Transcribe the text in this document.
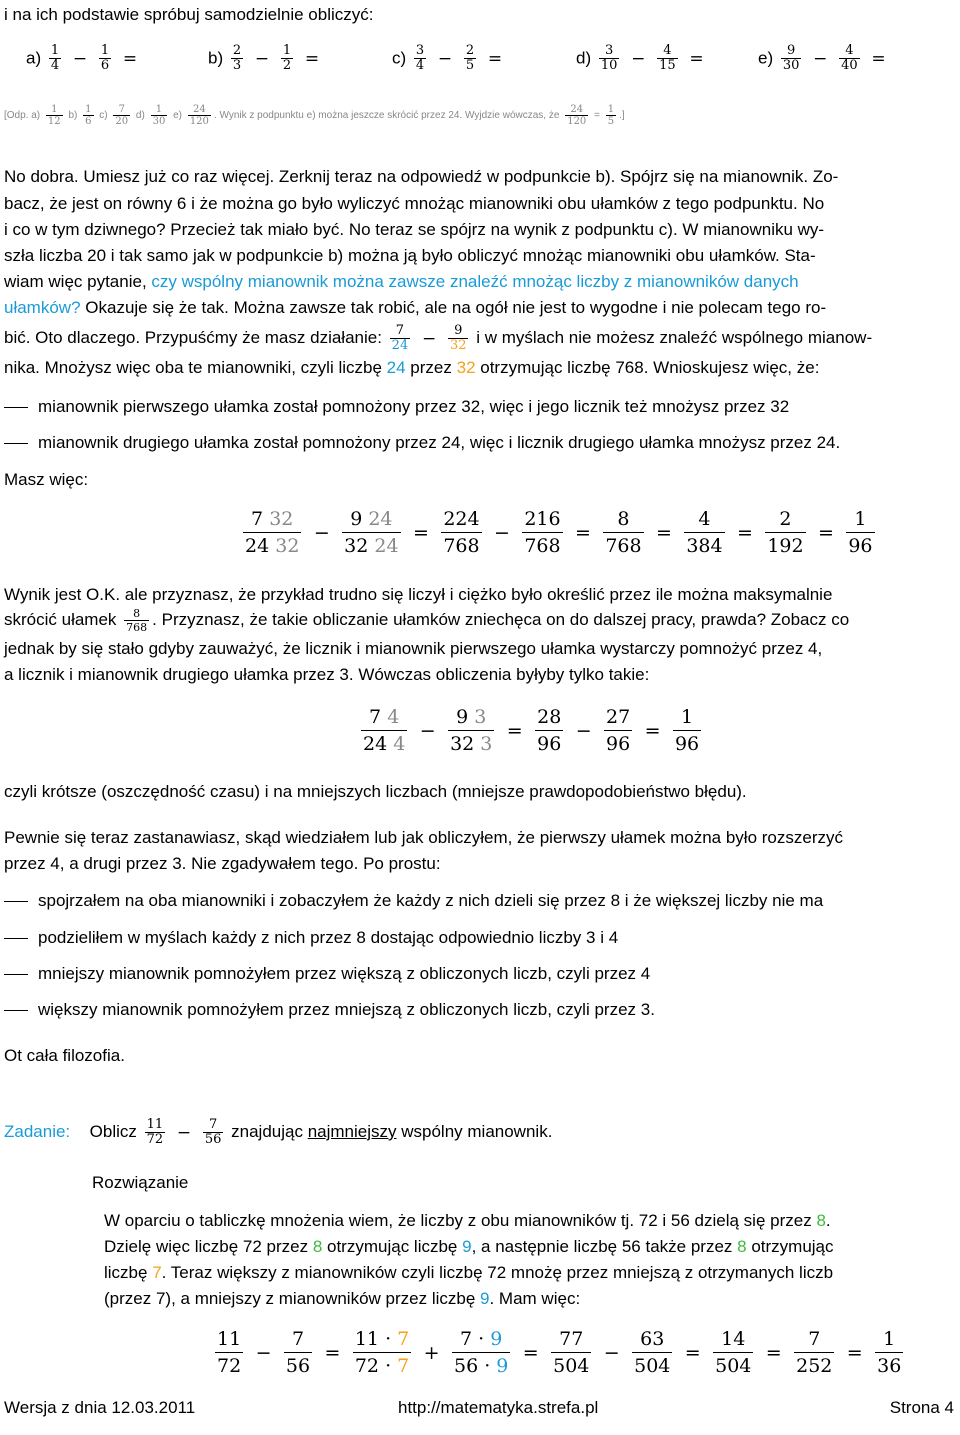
i na ich podstawie spróbuj samodzielnie obliczyć:
$a) \frac{1}{4} - \frac{1}{6}$ =	$b) \frac{2}{3} - \frac{1}{2}$ =	$c) \frac{3}{4} - \frac{2}{5}$ =	$d) \frac{3}{10} - \frac{4}{15}$ =	$e) \frac{9}{30} - \frac{4}{40}$ =
[Odp. $a) \frac{1}{12} b) \frac{1}{6} c) \frac{7}{20} d) \frac{1}{30} e) \frac{24}{120}$ . Wynik z podpunktu e) można jeszcze skrócić przez 24. Wyjdzie wówczas, że $\frac{24}{120} = \frac{1}{5}$ .]
No dobra. Umiesz już co raz więcej. Zerknij teraz na odpowiedź w podpunkcie b). Spójrz się na mianownik. Zo-
bacz, że jest on równy 6 i że można go było wyliczyć mnożąc mianowniki obu ułamków z tego podpunktu. No
i co w tym dziwnego? Przecież tak miało być. No teraz se spójrz na wynik z podpunktu c). W mianowniku wy-
szła liczba 20 i tak samo jak w podpunkcie b) można ją było obliczyć mnożąc mianowniki obu ułamków. Sta-
wiam więc pytanie, czy wspólny mianownik można zawsze znaleźć mnożąc liczby z mianowników danych
ułamków? Okazuje się że tak. Można zawsze tak robić, ale na ogół nie jest to wygodne i nie polecam tego ro-
bić. Oto dlaczego. Przypuśćmy że masz działanie: $\frac{7}{24} - \frac{9}{32}$ i w myślach nie możesz znaleźć wspólnego mianow-
nika. Mnożysz więc oba te mianowniki, czyli liczbę 24 przez 32 otrzymując liczbę 768. Wnioskujesz więc, że:
mianownik pierwszego ułamka został pomnożony przez 32, więc i jego licznik też mnożysz przez 32
mianownik drugiego ułamka został pomnożony przez 24, więc i licznik drugiego ułamka mnożysz przez 24.
Masz więc:
$\frac{7 32}{24 32} - \frac{9 24}{32 24} = \frac{224}{768} - \frac{216}{768} = \frac{8}{768} = \frac{4}{384} = \frac{2}{192} = \frac{1}{96}$
Wynik jest O.K. ale przyznasz, że przykład trudno się liczył i ciężko było określić przez ile można maksymalnie
skrócić ułamek $\frac{8}{768}$ . Przyznasz, że takie obliczanie ułamków zniechęca on do dalszej pracy, prawda? Zobacz co
jednak by się stało gdyby zauważyć, że licznik i mianownik pierwszego ułamka wystarczy pomnożyć przez 4,
a licznik i mianownik drugiego ułamka przez 3. Wówczas obliczenia byłyby tylko takie:
$\frac{7 4}{24 4} - \frac{9 3}{32 3} = \frac{28}{96} - \frac{27}{96} = \frac{1}{96}$
czyli krótsze (oszczędność czasu) i na mniejszych liczbach (mniejsze prawdopodobieństwo błędu).
Pewnie się teraz zastanawiasz, skąd wiedziałem lub jak obliczyłem, że pierwszy ułamek można było rozszerzyć
przez 4, a drugi przez 3. Nie zgadywałem tego. Po prostu:
spojrzałem na oba mianowniki i zobaczyłem że każdy z nich dzieli się przez 8 i że większej liczby nie ma
podzieliłem w myślach każdy z nich przez 8 dostając odpowiednio liczby 3 i 4
mniejszy mianownik pomnożyłem przez większą z obliczonych liczb, czyli przez 4
większy mianownik pomnożyłem przez mniejszą z obliczonych liczb, czyli przez 3.
Ot cała filozofia.
Zadanie: Oblicz $\frac{11}{72} - \frac{7}{56}$ znajdując najmniejszy wspólny mianownik.
Rozwiązanie
W oparciu o tabliczkę mnożenia wiem, że liczby z obu mianowników tj. 72 i 56 dzielą się przez 8.
Dzielę więc liczbę 72 przez 8 otrzymując liczbę 9, a następnie liczbę 56 także przez 8 otrzymując
liczbę 7. Teraz większy z mianowników czyli liczbę 72 mnożę przez mniejszą z otrzymanych liczb
(przez 7), a mniejszy z mianowników przez liczbę 9. Mam więc:
$\frac{11}{72} - \frac{7}{56} = \frac{11 \cdot 7}{72 \cdot 7} + \frac{7 \cdot 9}{56 \cdot 9} = \frac{77}{504} - \frac{63}{504} = \frac{14}{504} = \frac{7}{252} = \frac{1}{36}$
Wersja z dnia 12.03.2011	http://matematyka.strefa.pl	Strona 4
